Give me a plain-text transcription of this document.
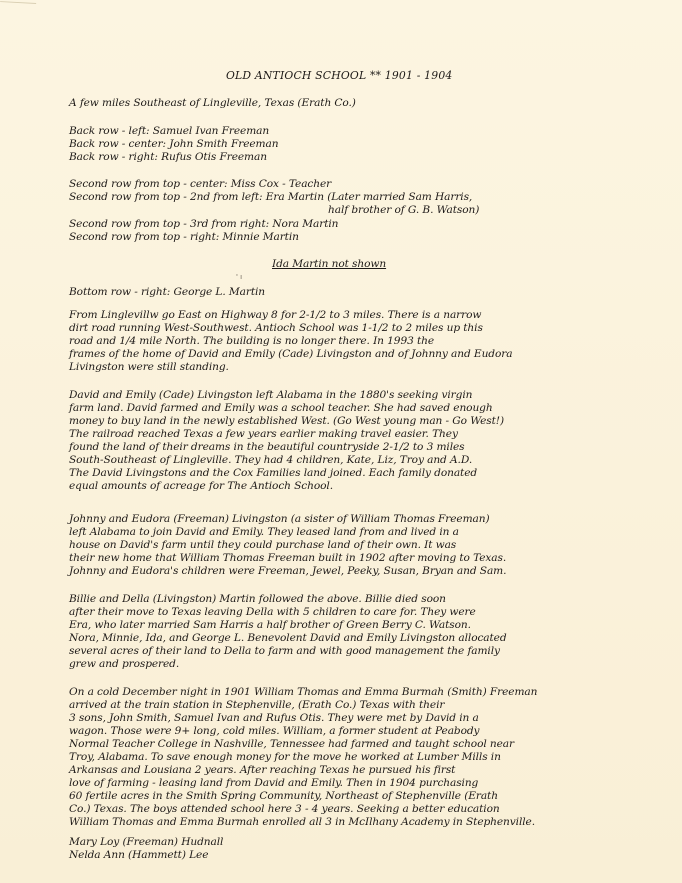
OLD ANTIOCH SCHOOL ** 1901 - 1904
A few miles Southeast of Lingleville, Texas (Erath Co.)
Back row - left: Samuel Ivan Freeman
Back row - center: John Smith Freeman
Back row - right: Rufus Otis Freeman
Second row from top - center: Miss Cox - Teacher
Second row from top - 2nd from left: Era Martin (Later married Sam Harris,
half brother of G. B. Watson)
Second row from top - 3rd from right: Nora Martin
Second row from top - right: Minnie Martin
Ida Martin not shown
' ı
Bottom row - right: George L. Martin
From Linglevillw go East on Highway 8 for 2-1/2 to 3 miles. There is a narrow
dirt road running West-Southwest. Antioch School was 1-1/2 to 2 miles up this
road and 1/4 mile North. The building is no longer there. In 1993 the
frames of the home of David and Emily (Cade) Livingston and of Johnny and Eudora
Livingston were still standing.
David and Emily (Cade) Livingston left Alabama in the 1880's seeking virgin
farm land. David farmed and Emily was a school teacher. She had saved enough
money to buy land in the newly established West. (Go West young man - Go West!)
The railroad reached Texas a few years earlier making travel easier. They
found the land of their dreams in the beautiful countryside 2-1/2 to 3 miles
South-Southeast of Lingleville. They had 4 children, Kate, Liz, Troy and A.D.
The David Livingstons and the Cox Families land joined. Each family donated
equal amounts of acreage for The Antioch School.
Johnny and Eudora (Freeman) Livingston (a sister of William Thomas Freeman)
left Alabama to join David and Emily. They leased land from and lived in a
house on David's farm until they could purchase land of their own. It was
their new home that William Thomas Freeman built in 1902 after moving to Texas.
Johnny and Eudora's children were Freeman, Jewel, Peeky, Susan, Bryan and Sam.
Billie and Della (Livingston) Martin followed the above. Billie died soon
after their move to Texas leaving Della with 5 children to care for. They were
Era, who later married Sam Harris a half brother of Green Berry C. Watson.
Nora, Minnie, Ida, and George L. Benevolent David and Emily Livingston allocated
several acres of their land to Della to farm and with good management the family
grew and prospered.
On a cold December night in 1901 William Thomas and Emma Burmah (Smith) Freeman
arrived at the train station in Stephenville, (Erath Co.) Texas with their
3 sons, John Smith, Samuel Ivan and Rufus Otis. They were met by David in a
wagon. Those were 9+ long, cold miles. William, a former student at Peabody
Normal Teacher College in Nashville, Tennessee had farmed and taught school near
Troy, Alabama. To save enough money for the move he worked at Lumber Mills in
Arkansas and Lousiana 2 years. After reaching Texas he pursued his first
love of farming - leasing land from David and Emily. Then in 1904 purchasing
60 fertile acres in the Smith Spring Community, Northeast of Stephenville (Erath
Co.) Texas. The boys attended school here 3 - 4 years. Seeking a better education
William Thomas and Emma Burmah enrolled all 3 in McIlhany Academy in Stephenville.
Mary Loy (Freeman) Hudnall
Nelda Ann (Hammett) Lee
